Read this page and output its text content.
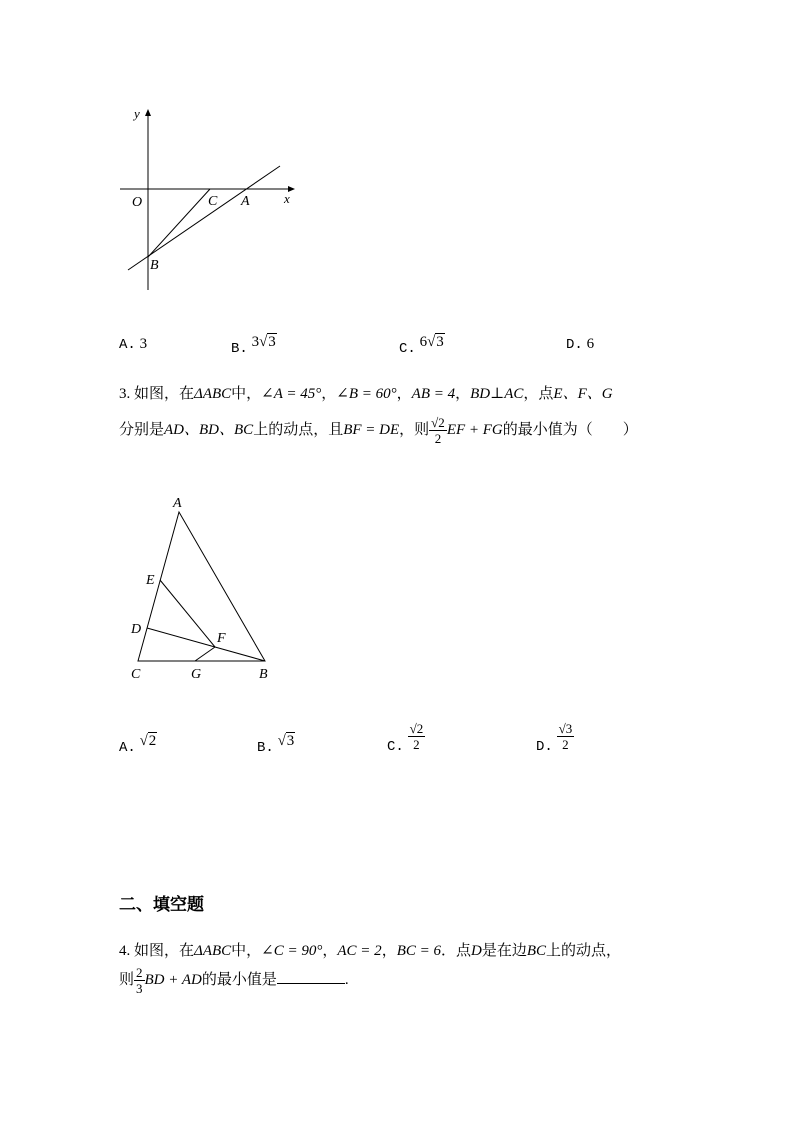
y
x
O	C A
B
A. 3	B. 3√3	C. 6√3	D. 6
3. 如图，在ΔABC中，∠A = 45°，∠B = 60°，AB = 4，BD⊥AC，点E、F、G
分别是AD、BD、BC上的动点，且BF = DE，则 $\frac{√2}{2}$ EF + FG的最小值为（　　）
A
E
D
F
C	G	B
A. √2	B. √3	C. $\frac{√2}{2}$	D. $\frac{√3}{2}$
二、填空题
4. 如图，在ΔABC中，∠C = 90°，AC = 2，BC = 6．点D是在边BC上的动点，
则 $\frac{2}{3}$ BD + AD的最小值是	.
